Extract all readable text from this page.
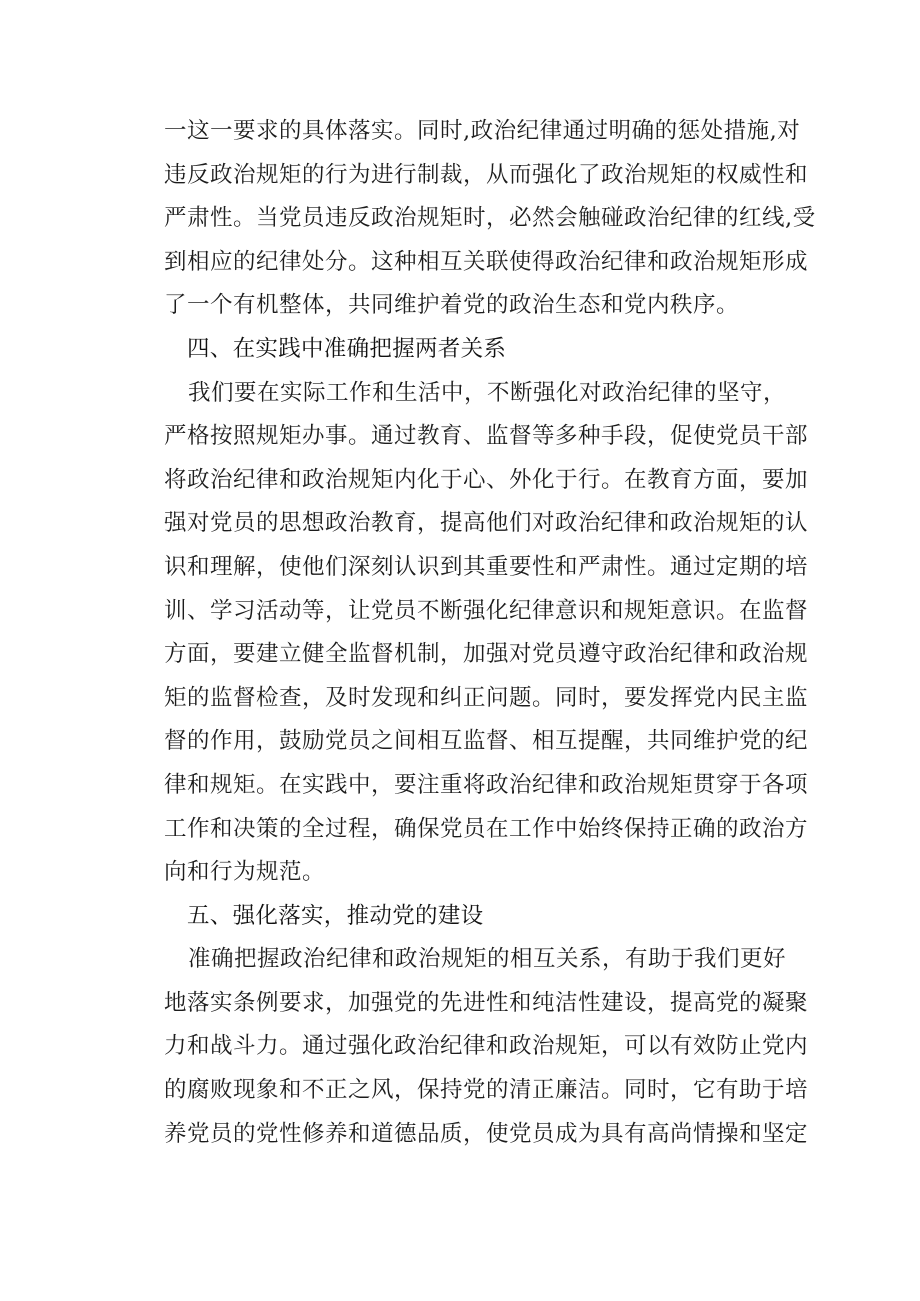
一这一要求的具体落实。同时,政治纪律通过明确的惩处措施,对
违反政治规矩的行为进行制裁，从而强化了政治规矩的权威性和
严肃性。当党员违反政治规矩时，必然会触碰政治纪律的红线,受
到相应的纪律处分。这种相互关联使得政治纪律和政治规矩形成
了一个有机整体，共同维护着党的政治生态和党内秩序。
四、在实践中准确把握两者关系
我们要在实际工作和生活中，不断强化对政治纪律的坚守，
严格按照规矩办事。通过教育、监督等多种手段，促使党员干部
将政治纪律和政治规矩内化于心、外化于行。在教育方面，要加
强对党员的思想政治教育，提高他们对政治纪律和政治规矩的认
识和理解，使他们深刻认识到其重要性和严肃性。通过定期的培
训、学习活动等，让党员不断强化纪律意识和规矩意识。在监督
方面，要建立健全监督机制，加强对党员遵守政治纪律和政治规
矩的监督检查，及时发现和纠正问题。同时，要发挥党内民主监
督的作用，鼓励党员之间相互监督、相互提醒，共同维护党的纪
律和规矩。在实践中，要注重将政治纪律和政治规矩贯穿于各项
工作和决策的全过程，确保党员在工作中始终保持正确的政治方
向和行为规范。
五、强化落实，推动党的建设
准确把握政治纪律和政治规矩的相互关系，有助于我们更好
地落实条例要求，加强党的先进性和纯洁性建设，提高党的凝聚
力和战斗力。通过强化政治纪律和政治规矩，可以有效防止党内
的腐败现象和不正之风，保持党的清正廉洁。同时，它有助于培
养党员的党性修养和道德品质，使党员成为具有高尚情操和坚定
